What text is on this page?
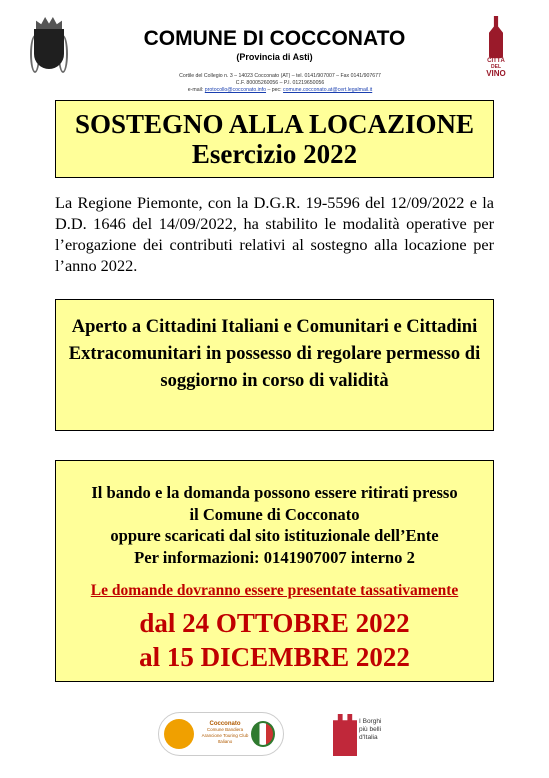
COMUNE DI COCCONATO
(Provincia di Asti)
Cortile del Collegio n. 3 – 14023 Cocconato (AT) – tel. 0141/907007 – Fax 0141/907677
C.F. 80005260056 – P.I. 01219650056
e-mail: protocollo@cocconato.info – pec: comune.cocconato.at@cert.legalmail.it
CITTÀ
DEL
VINO
SOSTEGNO ALLA LOCAZIONE
Esercizio 2022

La Regione Piemonte, con la D.G.R. 19-5596 del 12/09/2022 e la D.D. 1646 del 14/09/2022, ha stabilito le modalità operative per l’erogazione dei contributi relativi al sostegno alla locazione per l’anno 2022.

Aperto a Cittadini Italiani e Comunitari e Cittadini Extracomunitari in possesso di regolare permesso di soggiorno in corso di validità
Il bando e la domanda possono essere ritirati presso
il Comune di Cocconato
oppure scaricati dal sito istituzionale dell’Ente
Per informazioni: 0141907007 interno 2
Le domande dovranno essere presentate tassativamente
dal 24 OTTOBRE 2022
al 15 DICEMBRE 2022
Cocconato
Comune Bandiera Arancione Touring Club Italiano
I Borghi
più belli
d'Italia
